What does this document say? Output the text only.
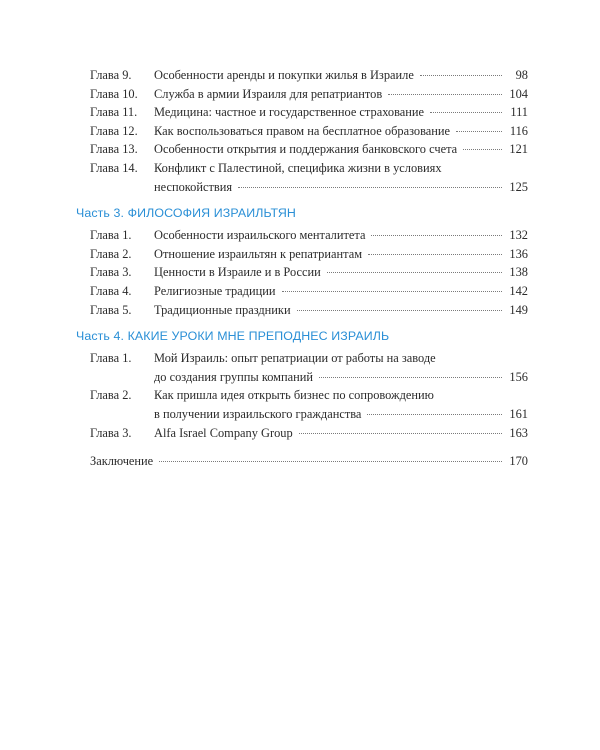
Глава 9.	Особенности аренды и покупки жилья в Израиле	98
Глава 10.	Служба в армии Израиля для репатриантов	104
Глава 11.	Медицина: частное и государственное страхование	111
Глава 12.	Как воспользоваться правом на бесплатное образование	116
Глава 13.	Особенности открытия и поддержания банковского счета	121
Глава 14.	Конфликт с Палестиной, специфика жизни в условиях
неспокойствия	125
Часть 3. ФИЛОСОФИЯ ИЗРАИЛЬТЯН
Глава 1.	Особенности израильского менталитета	132
Глава 2.	Отношение израильтян к репатриантам	136
Глава 3.	Ценности в Израиле и в России	138
Глава 4.	Религиозные традиции	142
Глава 5.	Традиционные праздники	149
Часть 4. КАКИЕ УРОКИ МНЕ ПРЕПОДНЕС ИЗРАИЛЬ
Глава 1.	Мой Израиль: опыт репатриации от работы на заводе
до создания группы компаний	156
Глава 2.	Как пришла идея открыть бизнес по сопровождению
в получении израильского гражданства	161
Глава 3.	Alfa Israel Company Group	163
Заключение	170
